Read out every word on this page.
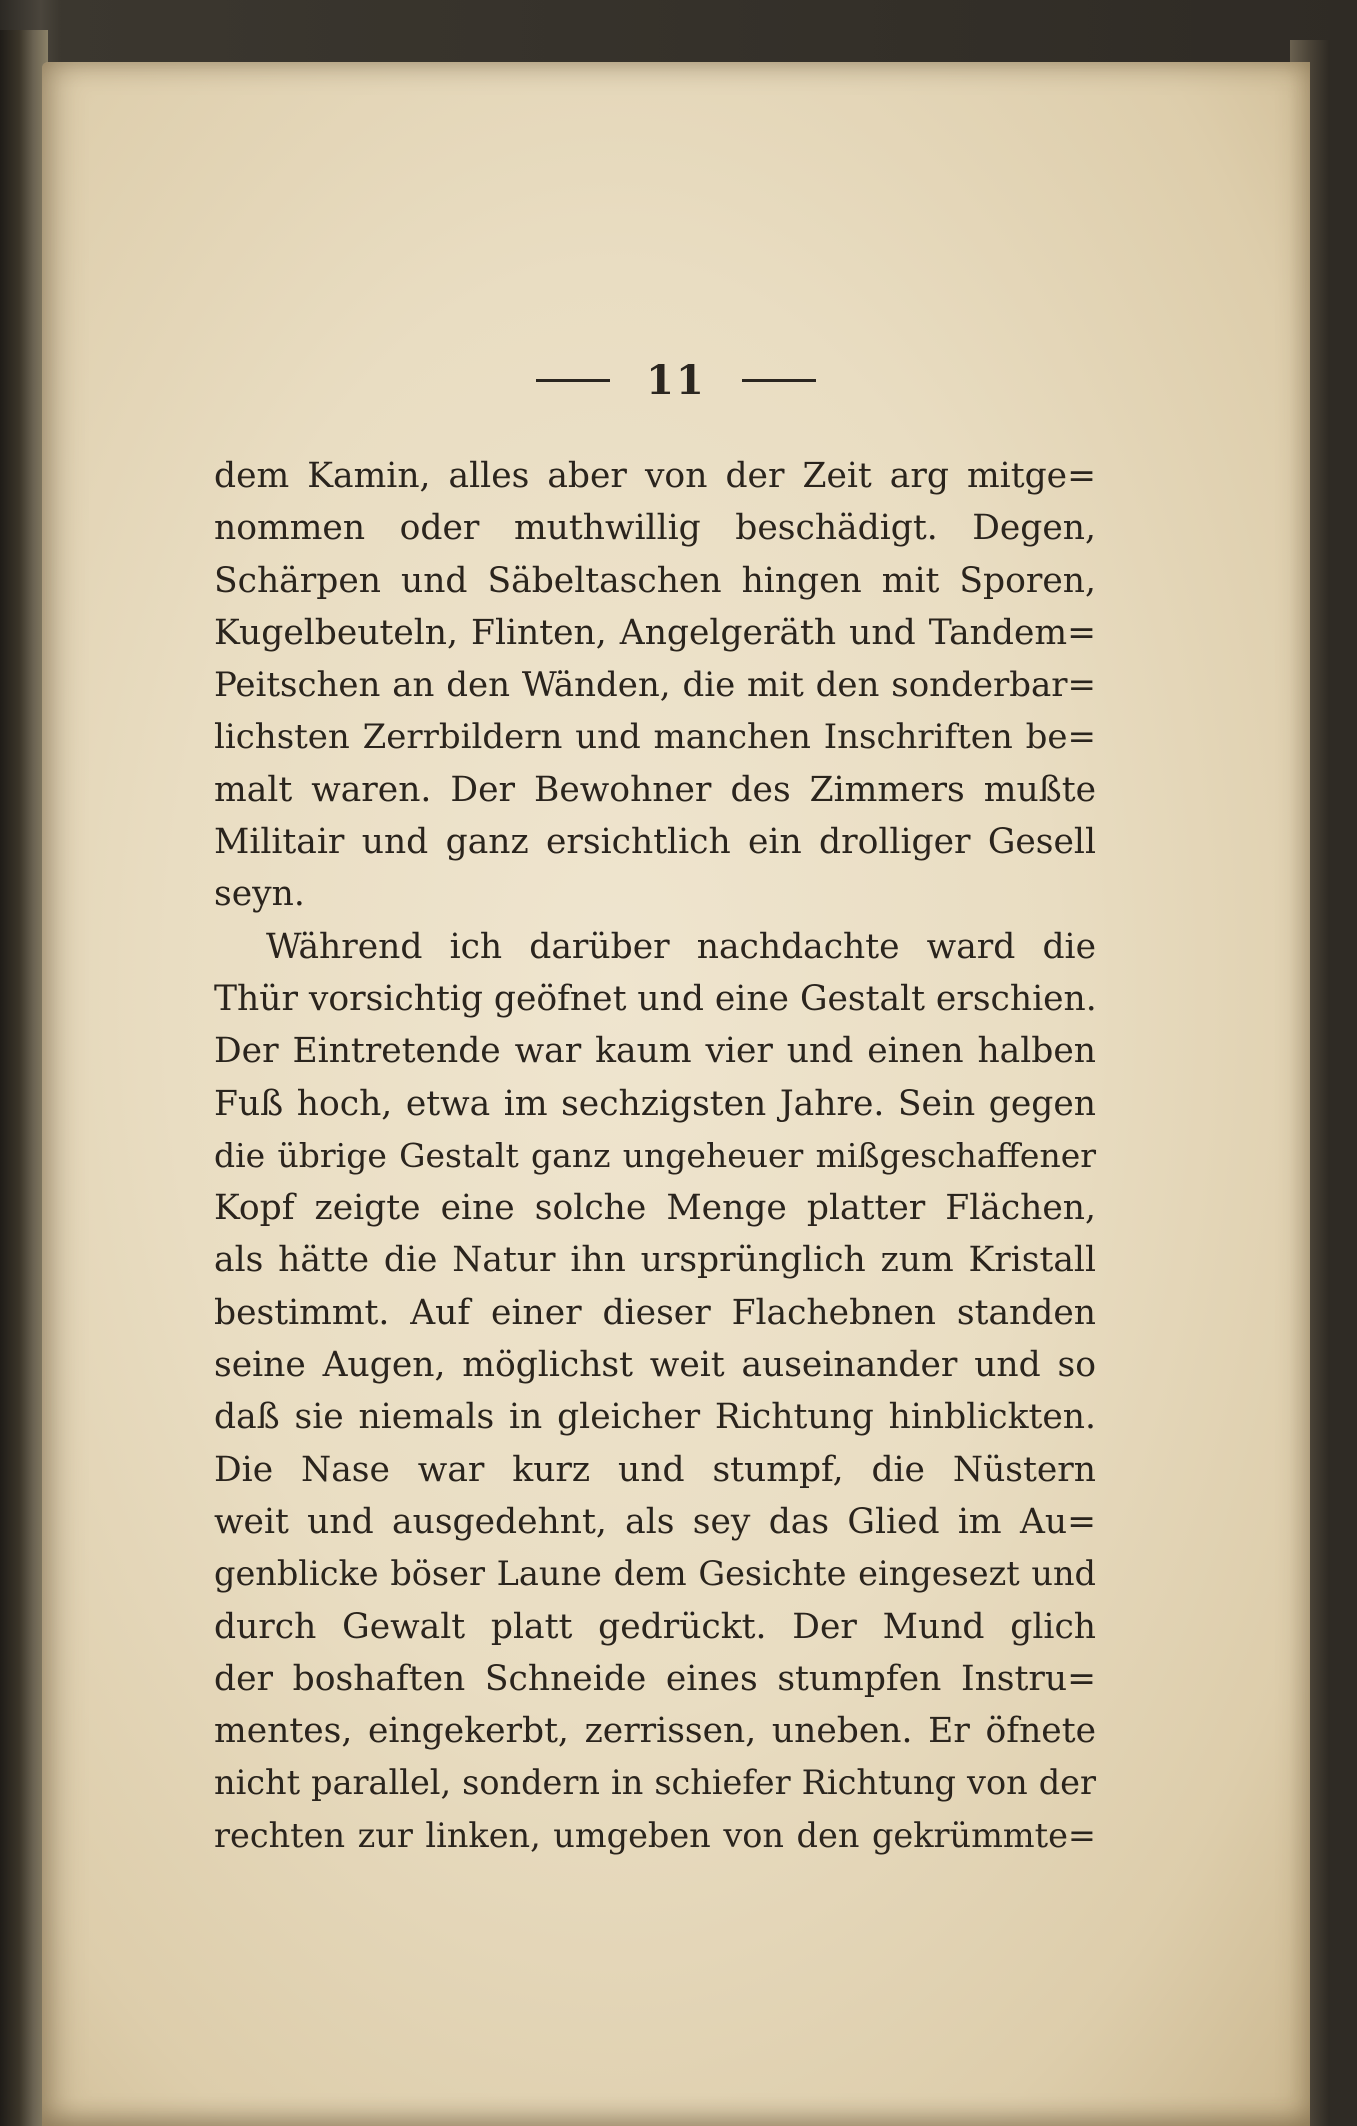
11
dem Kamin, alles aber von der Zeit arg mitge=
nommen oder muthwillig beschädigt. Degen,
Schärpen und Säbeltaschen hingen mit Sporen,
Kugelbeuteln, Flinten, Angelgeräth und Tandem=
Peitschen an den Wänden, die mit den sonderbar=
lichsten Zerrbildern und manchen Inschriften be=
malt waren. Der Bewohner des Zimmers mußte
Militair und ganz ersichtlich ein drolliger Gesell
seyn.
Während ich darüber nachdachte ward die
Thür vorsichtig geöfnet und eine Gestalt erschien.
Der Eintretende war kaum vier und einen halben
Fuß hoch, etwa im sechzigsten Jahre. Sein gegen
die übrige Gestalt ganz ungeheuer mißgeschaffener
Kopf zeigte eine solche Menge platter Flächen,
als hätte die Natur ihn ursprünglich zum Kristall
bestimmt. Auf einer dieser Flachebnen standen
seine Augen, möglichst weit auseinander und so
daß sie niemals in gleicher Richtung hinblickten.
Die Nase war kurz und stumpf, die Nüstern
weit und ausgedehnt, als sey das Glied im Au=
genblicke böser Laune dem Gesichte eingesezt und
durch Gewalt platt gedrückt. Der Mund glich
der boshaften Schneide eines stumpfen Instru=
mentes, eingekerbt, zerrissen, uneben. Er öfnete
nicht parallel, sondern in schiefer Richtung von der
rechten zur linken, umgeben von den gekrümmte=
